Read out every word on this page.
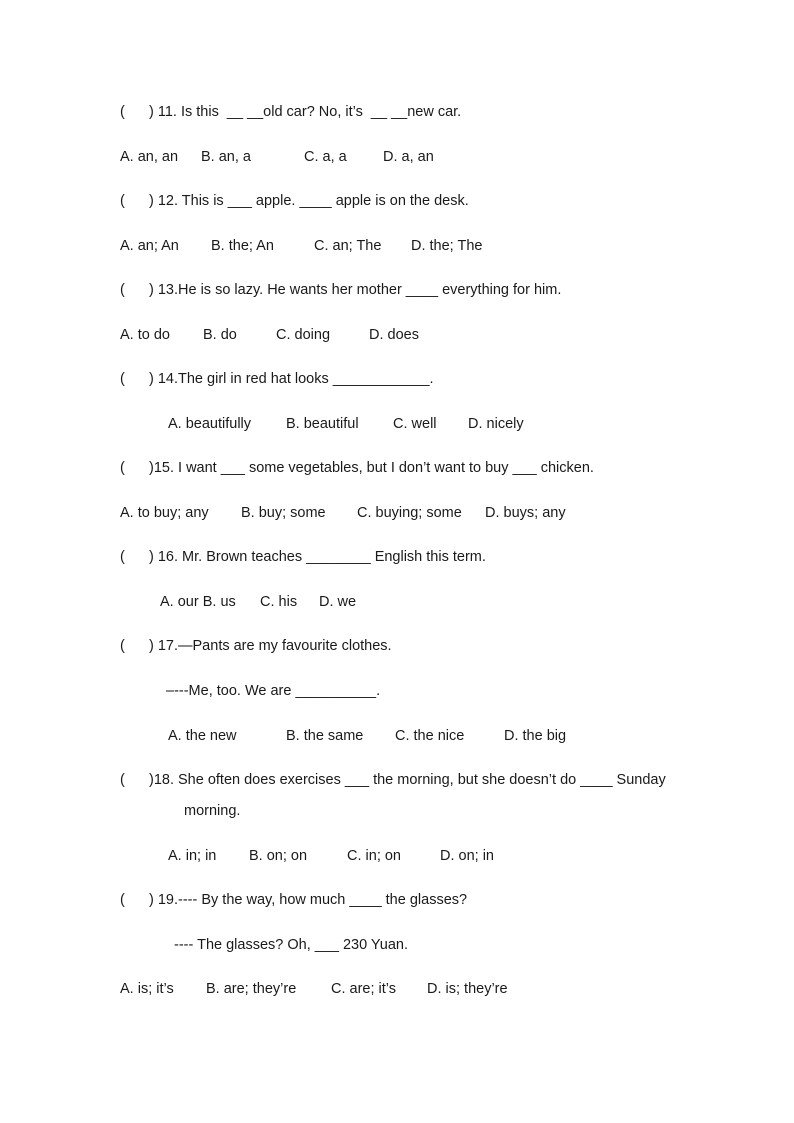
(      ) 11. Is this  __ __old car? No, it’s  __ __new car.
A. an, an B. an, a	C. a, a	D. a, an
(      ) 12. This is ___ apple. ____ apple is on the desk.
A. an; An B. the; An	C. an; The D. the; The
(      ) 13.He is so lazy. He wants her mother ____ everything for him.
A. to do B. do	C. doing	D. does
(      ) 14.The girl in red hat looks ____________.
A. beautifully B. beautiful C. well D. nicely
(      )15. I want ___ some vegetables, but I don’t want to buy ___ chicken.
A. to buy; any B. buy; some C. buying; some D. buys; any
(      ) 16. Mr. Brown teaches ________ English this term.
A. our B. us C. his D. we
(      ) 17.—Pants are my favourite clothes.
–---Me, too. We are __________.
A. the new	B. the same C. the nice	D. the big
(      )18. She often does exercises ___ the morning, but she doesn’t do ____ Sunday
morning.
A. in; in B. on; on	C. in; on	D. on; in
(      ) 19.---- By the way, how much ____ the glasses?
---- The glasses? Oh, ___ 230 Yuan.
A. is; it’s B. are; they’re C. are; it’s D. is; they’re
